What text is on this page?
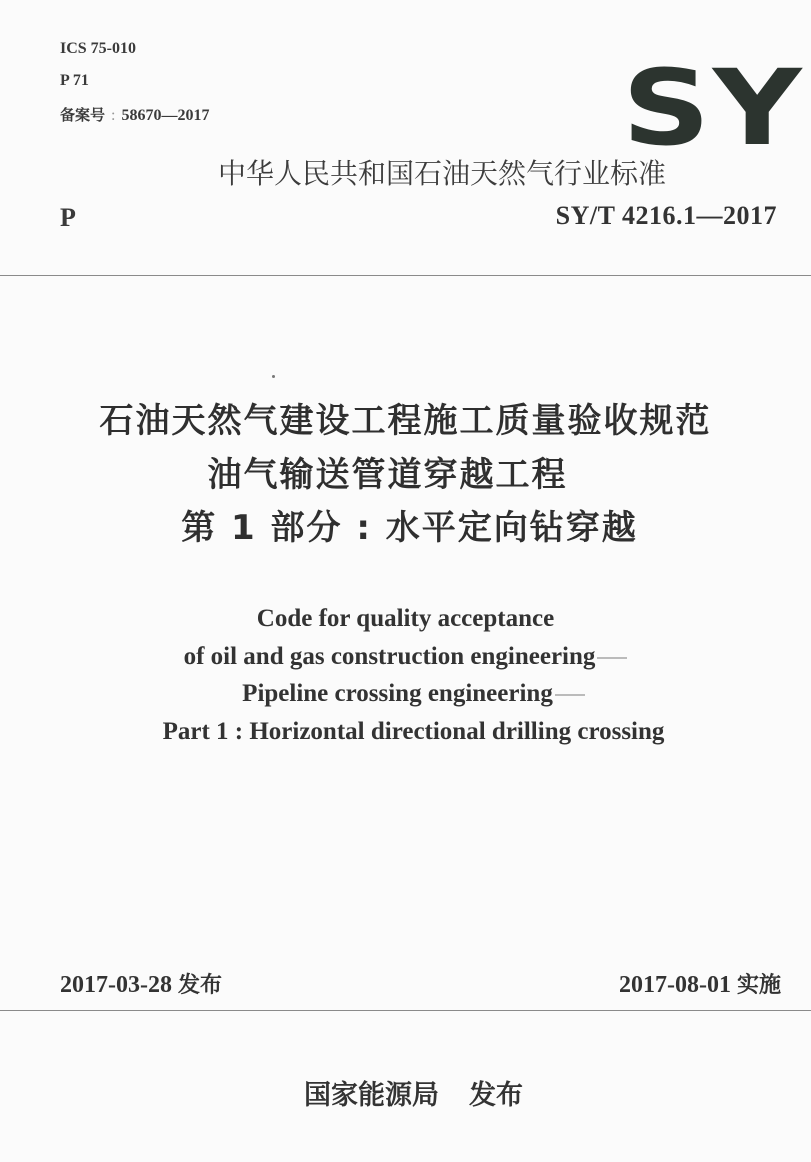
ICS 75-010
P 71
备案号 : 58670—2017	SY
中华人民共和国石油天然气行业标准
P	SY/T 4216.1—2017
石油天然气建设工程施工质量验收规范
油气输送管道穿越工程
第 1 部分 : 水平定向钻穿越
Code for quality acceptance
of oil and gas construction engineering
Pipeline crossing engineering
Part 1 : Horizontal directional drilling crossing
2017-03-28 发布	2017-08-01 实施
国家能源局 发布
